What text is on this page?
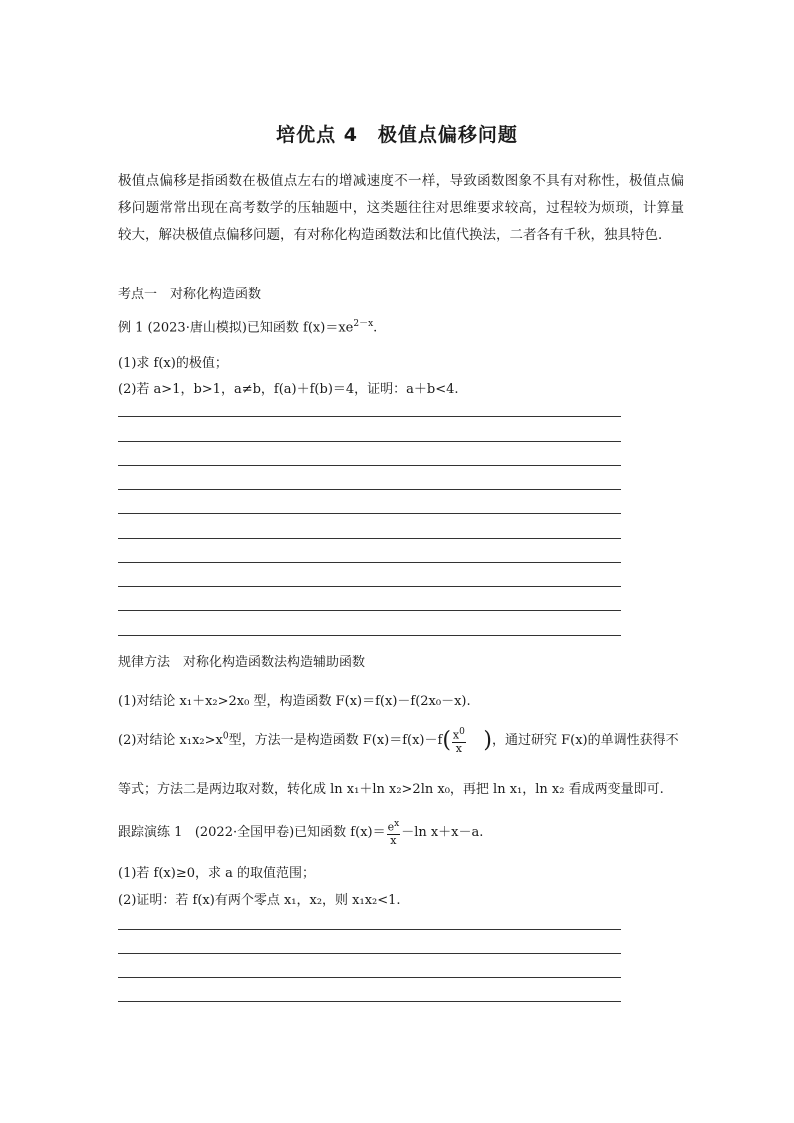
培优点 4　极值点偏移问题
极值点偏移是指函数在极值点左右的增减速度不一样，导致函数图象不具有对称性，极值点偏移问题常常出现在高考数学的压轴题中，这类题往往对思维要求较高，过程较为烦琐，计算量较大，解决极值点偏移问题，有对称化构造函数法和比值代换法，二者各有千秋，独具特色．
考点一　对称化构造函数
例 1 (2023·唐山模拟)已知函数 $f(x)=xe^{2-x}$.
(1)求 f(x)的极值；
(2)若 a>1，b>1，a≠b，f(a)＋f(b)＝4，证明：a＋b<4.
规律方法　对称化构造函数法构造辅助函数
(1)对结论 x₁＋x₂>2x₀ 型，构造函数 F(x)＝f(x)－f(2x₀－x).
(2)对结论 $x_1x_2>x^0$型，方法一是构造函数 $F(x)=f(x)-f( \frac{x^0}{x}$ )，通过研究 F(x)的单调性获得不
等式；方法二是两边取对数，转化成 ln x₁＋ln x₂>2ln x₀，再把 ln x₁，ln x₂ 看成两变量即可.
跟踪演练 1 (2022·全国甲卷)已知函数 $f(x)= \frac{e^x}{x} -\ln$ x＋x－a.
(1)若 f(x)≥0，求 a 的取值范围；
(2)证明：若 f(x)有两个零点 x₁，x₂，则 x₁x₂<1.
